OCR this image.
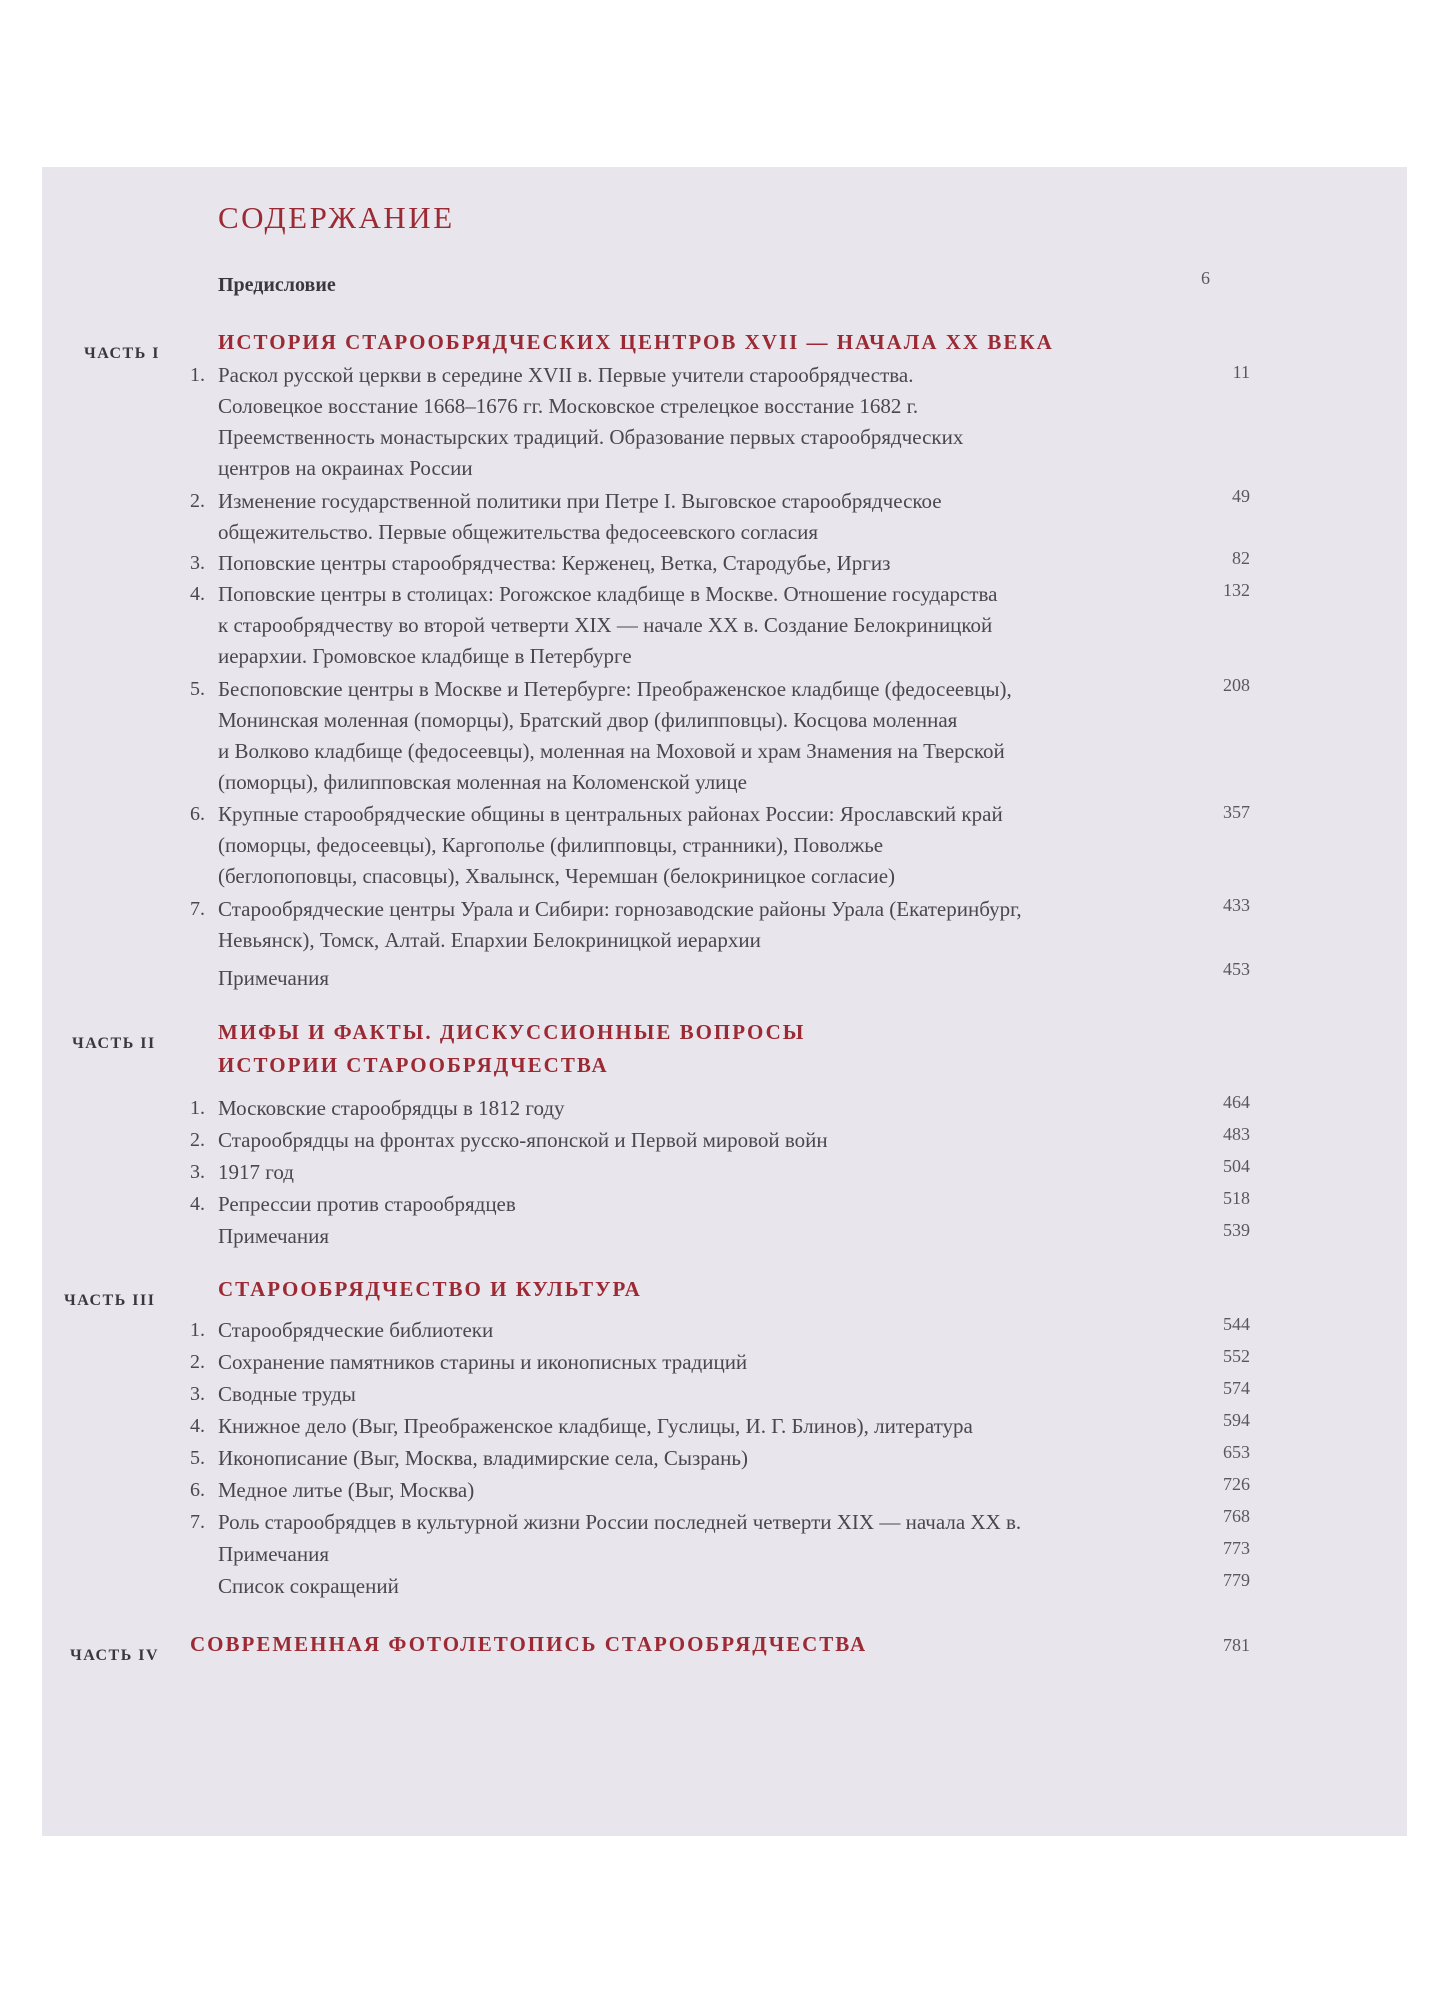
СОДЕРЖАНИЕ
Предисловие	6
ЧАСТЬ I	ИСТОРИЯ СТАРООБРЯДЧЕСКИХ ЦЕНТРОВ XVII — НАЧАЛА XX ВЕКА
1. Раскол русской церкви в середине XVII в. Первые учители старообрядчества.
Соловецкое восстание 1668–1676 гг. Московское стрелецкое восстание 1682 г.
Преемственность монастырских традиций. Образование первых старообрядческих
центров на окраинах России
11
2. Изменение государственной политики при Петре I. Выговское старообрядческое
общежительство. Первые общежительства федосеевского согласия
49
3. Поповские центры старообрядчества: Керженец, Ветка, Стародубье, Иргиз	82
4. Поповские центры в столицах: Рогожское кладбище в Москве. Отношение государства
к старообрядчеству во второй четверти XIX — начале XX в. Создание Белокриницкой
иерархии. Громовское кладбище в Петербурге
132
5. Беспоповские центры в Москве и Петербурге: Преображенское кладбище (федосеевцы),
Монинская моленная (поморцы), Братский двор (филипповцы). Косцова моленная
и Волково кладбище (федосеевцы), моленная на Моховой и храм Знамения на Тверской
(поморцы), филипповская моленная на Коломенской улице
208
6. Крупные старообрядческие общины в центральных районах России: Ярославский край
(поморцы, федосеевцы), Каргополье (филипповцы, странники), Поволжье
(беглопоповцы, спасовцы), Хвалынск, Черемшан (белокриницкое согласие)
357
7. Старообрядческие центры Урала и Сибири: горнозаводские районы Урала (Екатеринбург,
Невьянск), Томск, Алтай. Епархии Белокриницкой иерархии
433
Примечания	453
ЧАСТЬ II	МИФЫ И ФАКТЫ. ДИСКУССИОННЫЕ ВОПРОСЫ
ИСТОРИИ СТАРООБРЯДЧЕСТВА
1. Московские старообрядцы в 1812 году	464
2. Старообрядцы на фронтах русско-японской и Первой мировой войн	483
3. 1917 год	504
4. Репрессии против старообрядцев	518
Примечания	539
ЧАСТЬ III	СТАРООБРЯДЧЕСТВО И КУЛЬТУРА
1. Старообрядческие библиотеки	544
2. Сохранение памятников старины и иконописных традиций	552
3. Сводные труды	574
4. Книжное дело (Выг, Преображенское кладбище, Гуслицы, И. Г. Блинов), литература	594
5. Иконописание (Выг, Москва, владимирские села, Сызрань)	653
6. Медное литье (Выг, Москва)	726
7. Роль старообрядцев в культурной жизни России последней четверти XIX — начала XX в.	768
Примечания	773
Список сокращений	779
ЧАСТЬ IV СОВРЕМЕННАЯ ФОТОЛЕТОПИСЬ СТАРООБРЯДЧЕСТВА	781
